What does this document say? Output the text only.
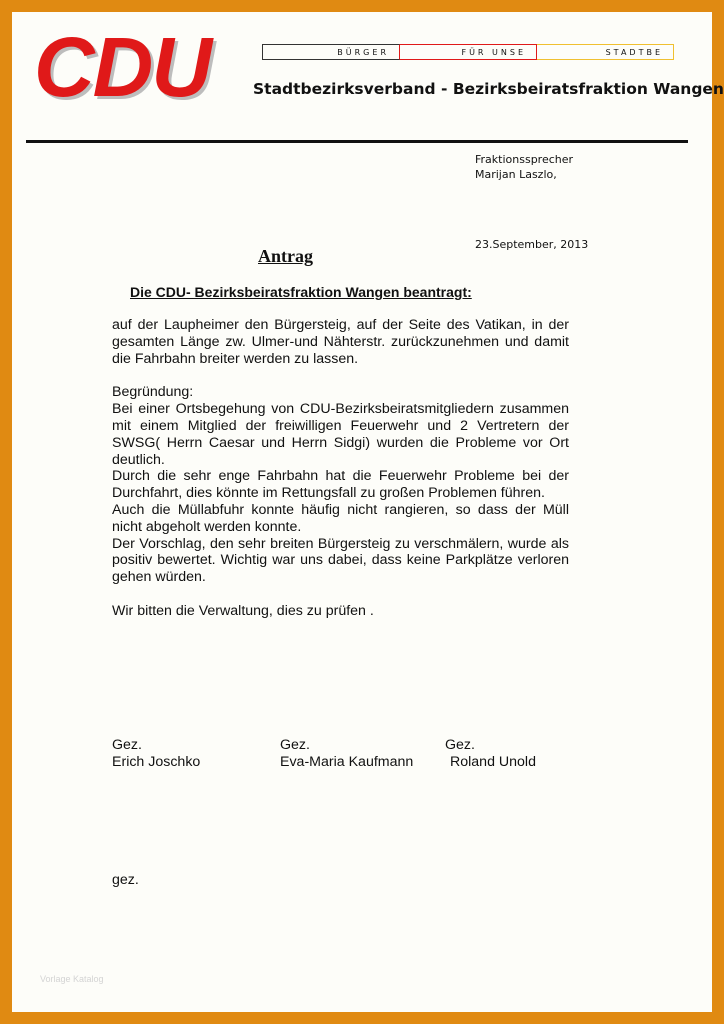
CDU	BÜRGER	FÜR UNSE	STADTBE
Stadtbezirksverband - Bezirksbeiratsfraktion Wangen
Fraktionssprecher
Marijan Laszlo,
23.September, 2013
Antrag
Die CDU- Bezirksbeiratsfraktion Wangen beantragt:

auf der Laupheimer den Bürgersteig, auf der Seite des Vatikan, in der gesamten Länge zw. Ulmer-und Nähterstr. zurückzunehmen und damit die Fahrbahn breiter werden zu lassen.

Begründung:

Bei einer Ortsbegehung von CDU-Bezirksbeiratsmitgliedern zusammen mit einem Mitglied der freiwilligen Feuerwehr und 2 Vertretern der SWSG( Herrn Caesar und Herrn Sidgi) wurden die Probleme vor Ort deutlich.

Durch die sehr enge Fahrbahn hat die Feuerwehr Probleme bei der Durchfahrt, dies könnte im Rettungsfall zu großen Problemen führen.

Auch die Müllabfuhr konnte häufig nicht rangieren, so dass der Müll nicht abgeholt werden konnte.

Der Vorschlag, den sehr breiten Bürgersteig zu verschmälern, wurde als positiv bewertet. Wichtig war uns dabei, dass keine Parkplätze verloren gehen würden.

Wir bitten die Verwaltung, dies zu prüfen .

Gez.
Erich Joschko
Gez.
Eva-Maria Kaufmann
Gez.
Roland Unold
gez.
Vorlage Katalog
